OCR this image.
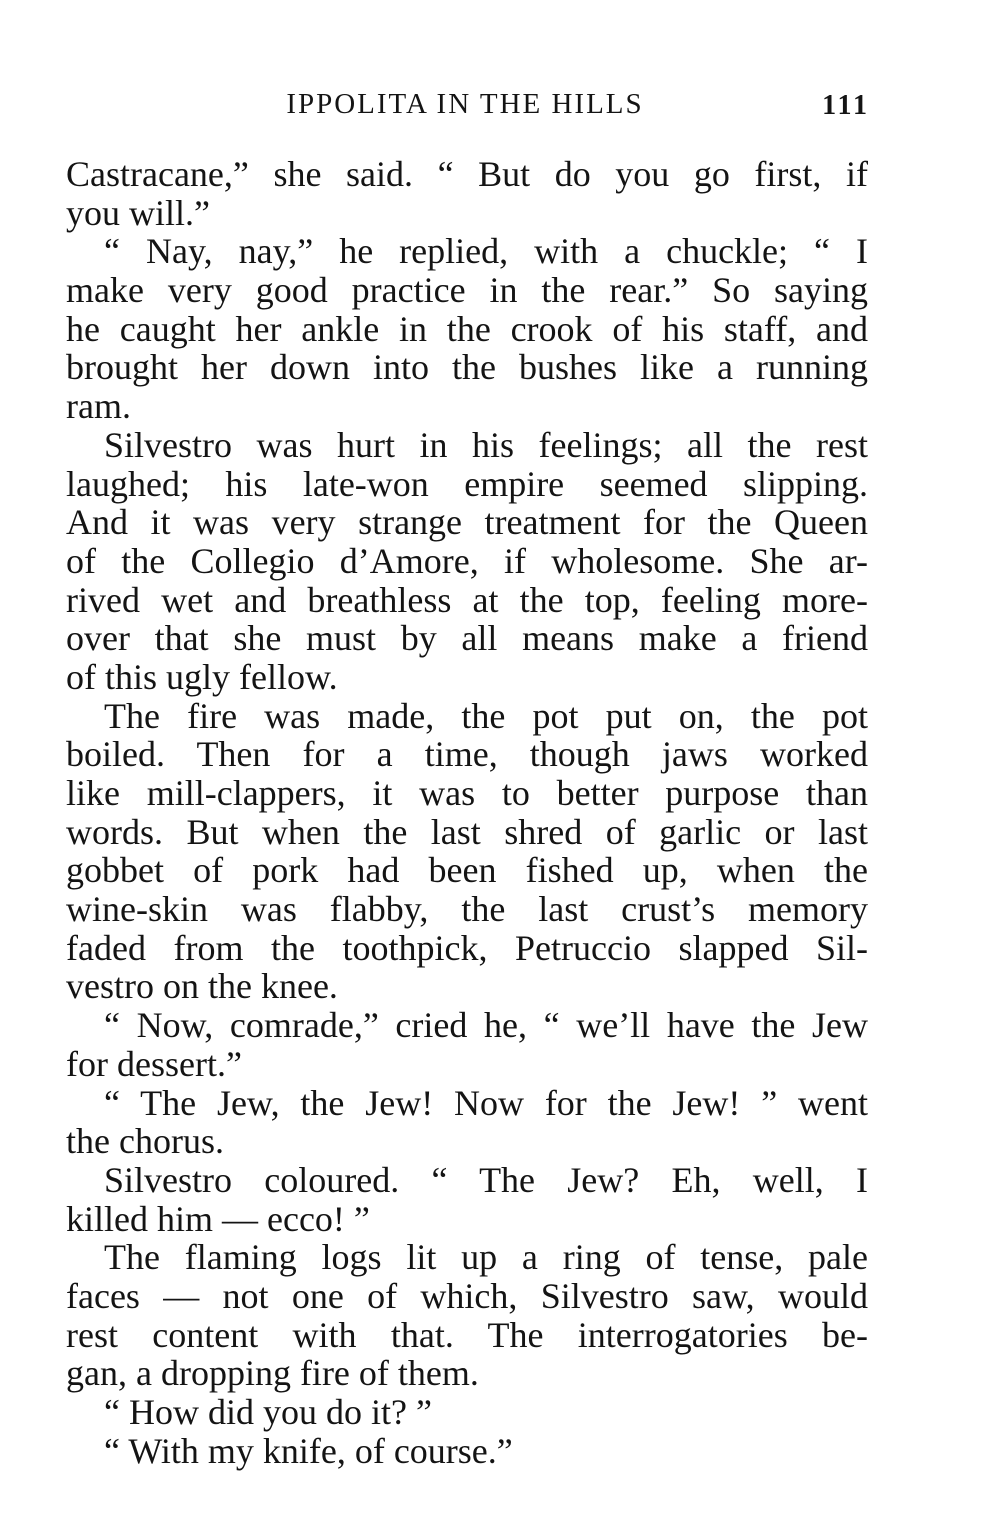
IPPOLITA IN THE HILLS	111
Castracane,” she said. “ But do you go first, if
you will.”
“ Nay, nay,” he replied, with a chuckle; “ I
make very good practice in the rear.” So saying
he caught her ankle in the crook of his staff, and
brought her down into the bushes like a running
ram.
Silvestro was hurt in his feelings; all the rest
laughed; his late-won empire seemed slipping.
And it was very strange treatment for the Queen
of the Collegio d’Amore, if wholesome. She ar-
rived wet and breathless at the top, feeling more-
over that she must by all means make a friend
of this ugly fellow.
The fire was made, the pot put on, the pot
boiled. Then for a time, though jaws worked
like mill-clappers, it was to better purpose than
words. But when the last shred of garlic or last
gobbet of pork had been fished up, when the
wine-skin was flabby, the last crust’s memory
faded from the toothpick, Petruccio slapped Sil-
vestro on the knee.
“ Now, comrade,” cried he, “ we’ll have the Jew
for dessert.”
“ The Jew, the Jew! Now for the Jew! ” went
the chorus.
Silvestro coloured. “ The Jew? Eh, well, I
killed him — ecco! ”
The flaming logs lit up a ring of tense, pale
faces — not one of which, Silvestro saw, would
rest content with that. The interrogatories be-
gan, a dropping fire of them.
“ How did you do it? ”
“ With my knife, of course.”
